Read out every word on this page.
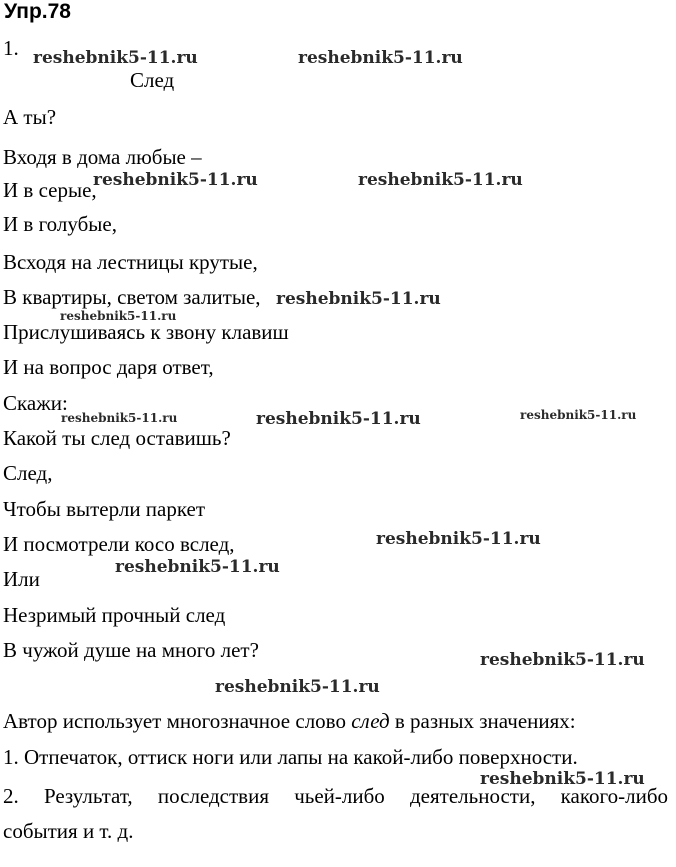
Упр.78
1.
След
А ты?
Входя в дома любые –
И в серые,
И в голубые,
Всходя на лестницы крутые,
В квартиры, светом залитые,
Прислушиваясь к звону клавиш
И на вопрос даря ответ,
Скажи:
Какой ты след оставишь?
След,
Чтобы вытерли паркет
И посмотрели косо вслед,
Или
Незримый прочный след
В чужой душе на много лет?
Автор использует многозначное слово след в разных значениях:
1. Отпечаток, оттиск ноги или лапы на какой-либо поверхности.
2. Результат, последствия чьей-либо деятельности, какого-либо
события и т. д.
reshebnik5-11.ru	reshebnik5-11.ru
reshebnik5-11.ru	reshebnik5-11.ru
reshebnik5-11.ru
reshebnik5-11.ru
reshebnik5-11.ru	reshebnik5-11.ru	reshebnik5-11.ru
reshebnik5-11.ru
reshebnik5-11.ru
reshebnik5-11.ru
reshebnik5-11.ru
reshebnik5-11.ru
